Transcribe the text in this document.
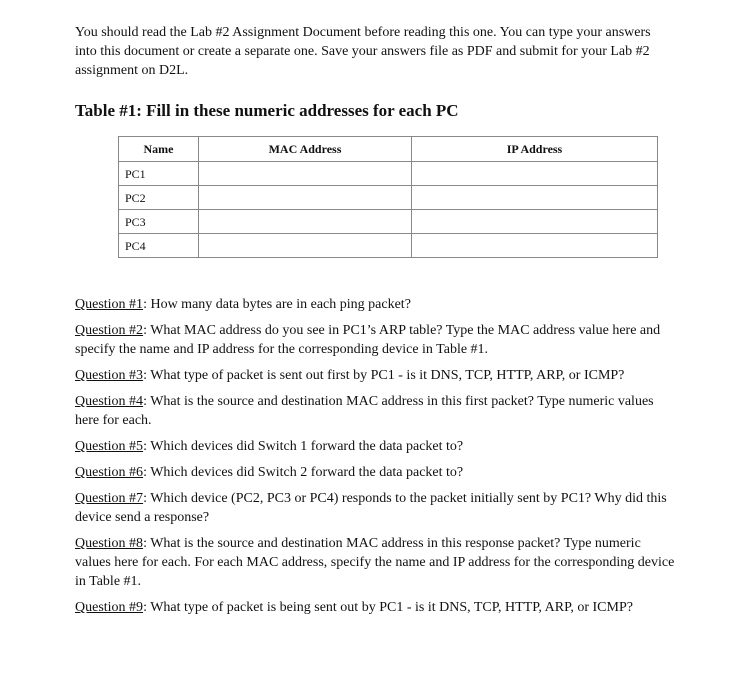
You should read the Lab #2 Assignment Document before reading this one. You can type your answers into this document or create a separate one. Save your answers file as PDF and submit for your Lab #2 assignment on D2L.

Table #1: Fill in these numeric addresses for each PC
Name	MAC Address	IP Address
PC1		
PC2		
PC3		
PC4		

Question #1: How many data bytes are in each ping packet?

Question #2: What MAC address do you see in PC1’s ARP table? Type the MAC address value here and specify the name and IP address for the corresponding device in Table #1.

Question #3: What type of packet is sent out first by PC1 - is it DNS, TCP, HTTP, ARP, or ICMP?

Question #4: What is the source and destination MAC address in this first packet? Type numeric values here for each.

Question #5: Which devices did Switch 1 forward the data packet to?

Question #6: Which devices did Switch 2 forward the data packet to?

Question #7: Which device (PC2, PC3 or PC4) responds to the packet initially sent by PC1? Why did this device send a response?

Question #8: What is the source and destination MAC address in this response packet? Type numeric values here for each. For each MAC address, specify the name and IP address for the corresponding device in Table #1.

Question #9: What type of packet is being sent out by PC1 - is it DNS, TCP, HTTP, ARP, or ICMP?
